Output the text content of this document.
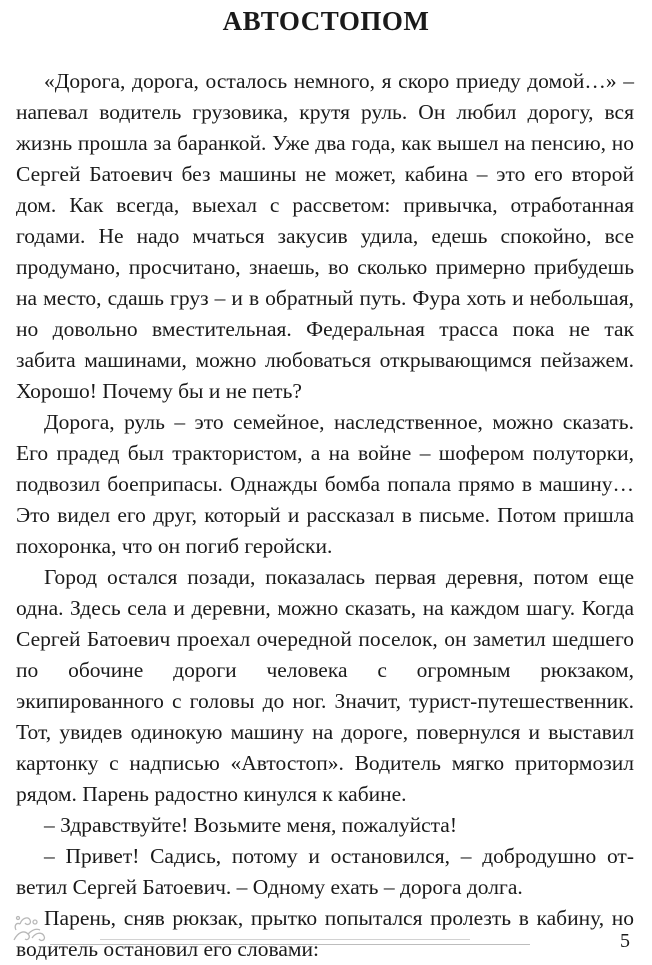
АВТОСТОПОМ

«Дорога, дорога, осталось немного, я скоро приеду домой…» – напевал водитель грузовика, крутя руль. Он любил дорогу, вся жизнь прошла за баранкой. Уже два года, как вышел на пенсию, но Сергей Батоевич без машины не может, кабина – это его второй дом. Как всегда, выехал с рассветом: привычка, отработанная годами. Не надо мчаться закусив удила, едешь спокойно, все продумано, просчитано, знаешь, во сколько примерно прибудешь на место, сдашь груз – и в обратный путь. Фура хоть и небольшая, но довольно вместительная. Федеральная трасса пока не так забита машинами, можно любоваться открывающимся пейзажем. Хорошо! Почему бы и не петь?

Дорога, руль – это семейное, наследственное, можно сказать. Его прадед был трактористом, а на войне – шофером полуторки, подвозил боеприпасы. Однажды бомба попала прямо в машину… Это видел его друг, который и рассказал в письме. Потом пришла похоронка, что он погиб геройски.

Город остался позади, показалась первая деревня, потом еще одна. Здесь села и деревни, можно сказать, на каждом шагу. Когда Сергей Батоевич проехал очередной поселок, он заметил шедшего по обочине дороги человека с огромным рюкзаком, экипированного с головы до ног. Значит, турист-путешественник. Тот, увидев одинокую машину на дороге, повернулся и выставил картонку с надписью «Автостоп». Водитель мягко притормозил рядом. Парень радостно кинулся к кабине.

– Здравствуйте! Возьмите меня, пожалуйста!

– Привет! Садись, потому и остановился, – добродушно ответил Сергей Батоевич. – Одному ехать – дорога долга.

Парень, сняв рюкзак, прытко попытался пролезть в кабину, но водитель остановил его словами:	5
